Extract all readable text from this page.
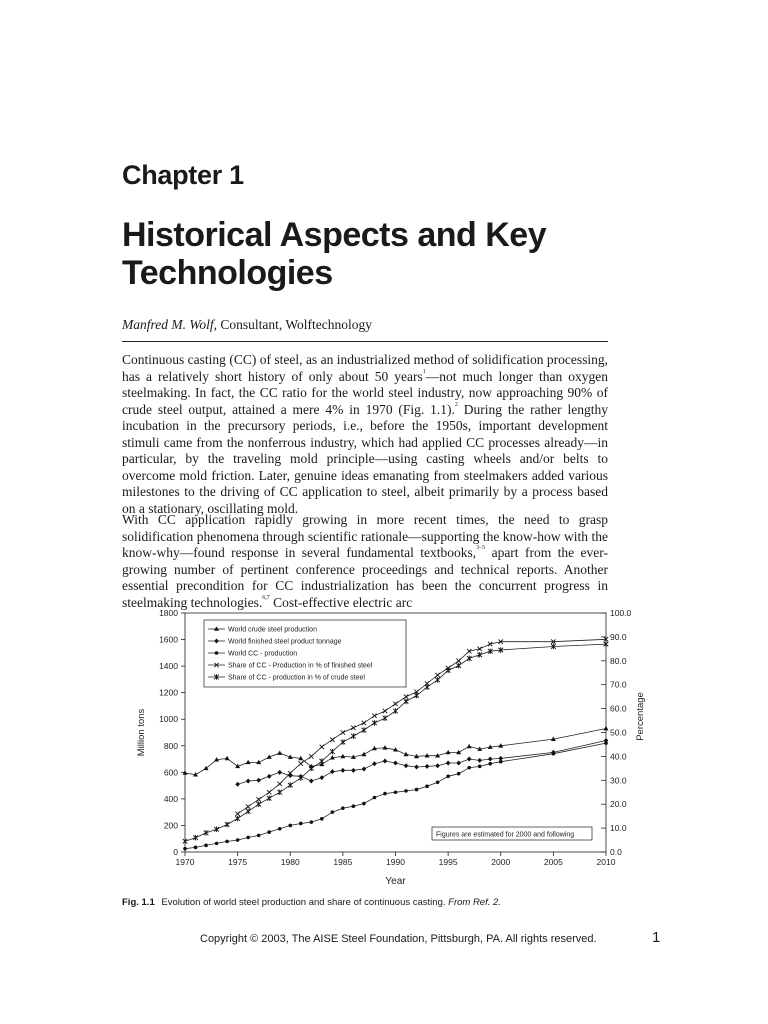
Chapter 1
Historical Aspects and Key Technologies
Manfred M. Wolf, Consultant, Wolftechnology

Continuous casting (CC) of steel, as an industrialized method of solidification processing, has a relatively short history of only about 50 years$^1$—not much longer than oxygen steelmaking. In fact, the CC ratio for the world steel industry, now approaching 90% of crude steel output, attained a mere 4% in 1970 (Fig. 1.1).$^2$ During the rather lengthy incubation in the precursory periods, i.e., before the 1950s, important development stimuli came from the nonferrous industry, which had applied CC processes already—in particular, by the traveling mold principle—using casting wheels and/or belts to overcome mold friction. Later, genuine ideas emanating from steelmakers added various milestones to the driving of CC application to steel, albeit primarily by a process based on a stationary, oscillating mold.

With CC application rapidly growing in more recent times, the need to grasp solidification phenomena through scientific rationale—supporting the know-how with the know-why—found response in several fundamental textbooks,$^{3-5}$ apart from the ever-growing number of pertinent conference proceedings and technical reports. Another essential precondition for CC industrialization has been the concurrent progress in steelmaking technologies.$^{6,7}$ Cost-effective electric arc

0
200
400
600
800
1000
1200
1400
1600
1800
0.0
10.0
20.0
30.0
40.0
50.0
60.0
70.0
80.0
90.0
100.0
1970	1975	1980	1985	1990	1995	2000	2005	2010
Year
Million tons	Percentage
World crude steel production
World finished steel product tonnage
World CC - production
Share of CC - Production in % of finished steel
Share of CC - production in % of crude steel
Figures are estimated for 2000 and following
Fig. 1.1 Evolution of world steel production and share of continuous casting. From Ref. 2.
Copyright © 2003, The AISE Steel Foundation, Pittsburgh, PA. All rights reserved.	1
